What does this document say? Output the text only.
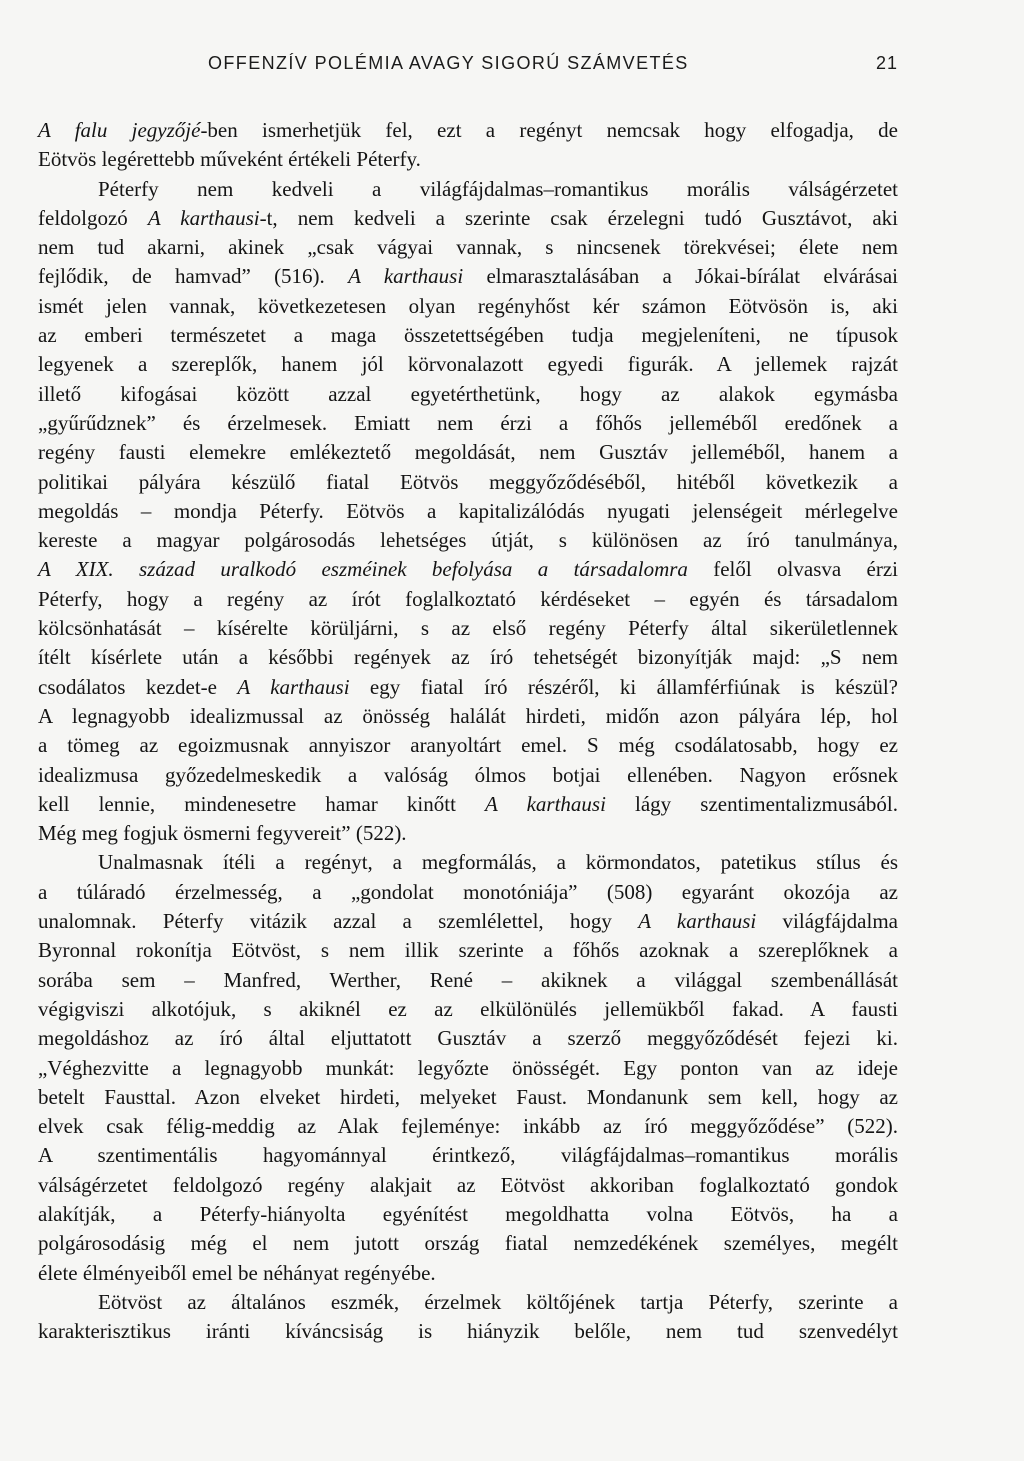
OFFENZÍV POLÉMIA AVAGY SIGORÚ SZÁMVETÉS	21
A falu jegyzőjé-ben ismerhetjük fel, ezt a regényt nemcsak hogy elfogadja, de
Eötvös legérettebb műveként értékeli Péterfy.
Péterfy nem kedveli a világfájdalmas–romantikus morális válságérzetet
feldolgozó A karthausi-t, nem kedveli a szerinte csak érzelegni tudó Gusztávot, aki
nem tud akarni, akinek „csak vágyai vannak, s nincsenek törekvései; élete nem
fejlődik, de hamvad” (516). A karthausi elmarasztalásában a Jókai-bírálat elvárásai
ismét jelen vannak, következetesen olyan regényhőst kér számon Eötvösön is, aki
az emberi természetet a maga összetettségében tudja megjeleníteni, ne típusok
legyenek a szereplők, hanem jól körvonalazott egyedi figurák. A jellemek rajzát
illető kifogásai között azzal egyetérthetünk, hogy az alakok egymásba
„gyűrűdznek” és érzelmesek. Emiatt nem érzi a főhős jelleméből eredőnek a
regény fausti elemekre emlékeztető megoldását, nem Gusztáv jelleméből, hanem a
politikai pályára készülő fiatal Eötvös meggyőződéséből, hitéből következik a
megoldás – mondja Péterfy. Eötvös a kapitalizálódás nyugati jelenségeit mérlegelve
kereste a magyar polgárosodás lehetséges útját, s különösen az író tanulmánya,
A XIX. század uralkodó eszméinek befolyása a társadalomra felől olvasva érzi
Péterfy, hogy a regény az írót foglalkoztató kérdéseket – egyén és társadalom
kölcsönhatását – kísérelte körüljárni, s az első regény Péterfy által sikerületlennek
ítélt kísérlete után a későbbi regények az író tehetségét bizonyítják majd: „S nem
csodálatos kezdet-e A karthausi egy fiatal író részéről, ki államférfiúnak is készül?
A legnagyobb idealizmussal az önösség halálát hirdeti, midőn azon pályára lép, hol
a tömeg az egoizmusnak annyiszor aranyoltárt emel. S még csodálatosabb, hogy ez
idealizmusa győzedelmeskedik a valóság ólmos botjai ellenében. Nagyon erősnek
kell lennie, mindenesetre hamar kinőtt A karthausi lágy szentimentalizmusából.
Még meg fogjuk ösmerni fegyvereit” (522).
Unalmasnak ítéli a regényt, a megformálás, a körmondatos, patetikus stílus és
a túláradó érzelmesség, a „gondolat monotóniája” (508) egyaránt okozója az
unalomnak. Péterfy vitázik azzal a szemlélettel, hogy A karthausi világfájdalma
Byronnal rokonítja Eötvöst, s nem illik szerinte a főhős azoknak a szereplőknek a
sorába sem – Manfred, Werther, René – akiknek a világgal szembenállását
végigviszi alkotójuk, s akiknél ez az elkülönülés jellemükből fakad. A fausti
megoldáshoz az író által eljuttatott Gusztáv a szerző meggyőződését fejezi ki.
„Véghezvitte a legnagyobb munkát: legyőzte önösségét. Egy ponton van az ideje
betelt Fausttal. Azon elveket hirdeti, melyeket Faust. Mondanunk sem kell, hogy az
elvek csak félig-meddig az Alak fejleménye: inkább az író meggyőződése” (522).
A szentimentális hagyománnyal érintkező, világfájdalmas–romantikus morális
válságérzetet feldolgozó regény alakjait az Eötvöst akkoriban foglalkoztató gondok
alakítják, a Péterfy-hiányolta egyénítést megoldhatta volna Eötvös, ha a
polgárosodásig még el nem jutott ország fiatal nemzedékének személyes, megélt
élete élményeiből emel be néhányat regényébe.
Eötvöst az általános eszmék, érzelmek költőjének tartja Péterfy, szerinte a
karakterisztikus iránti kíváncsiság is hiányzik belőle, nem tud szenvedélyt
